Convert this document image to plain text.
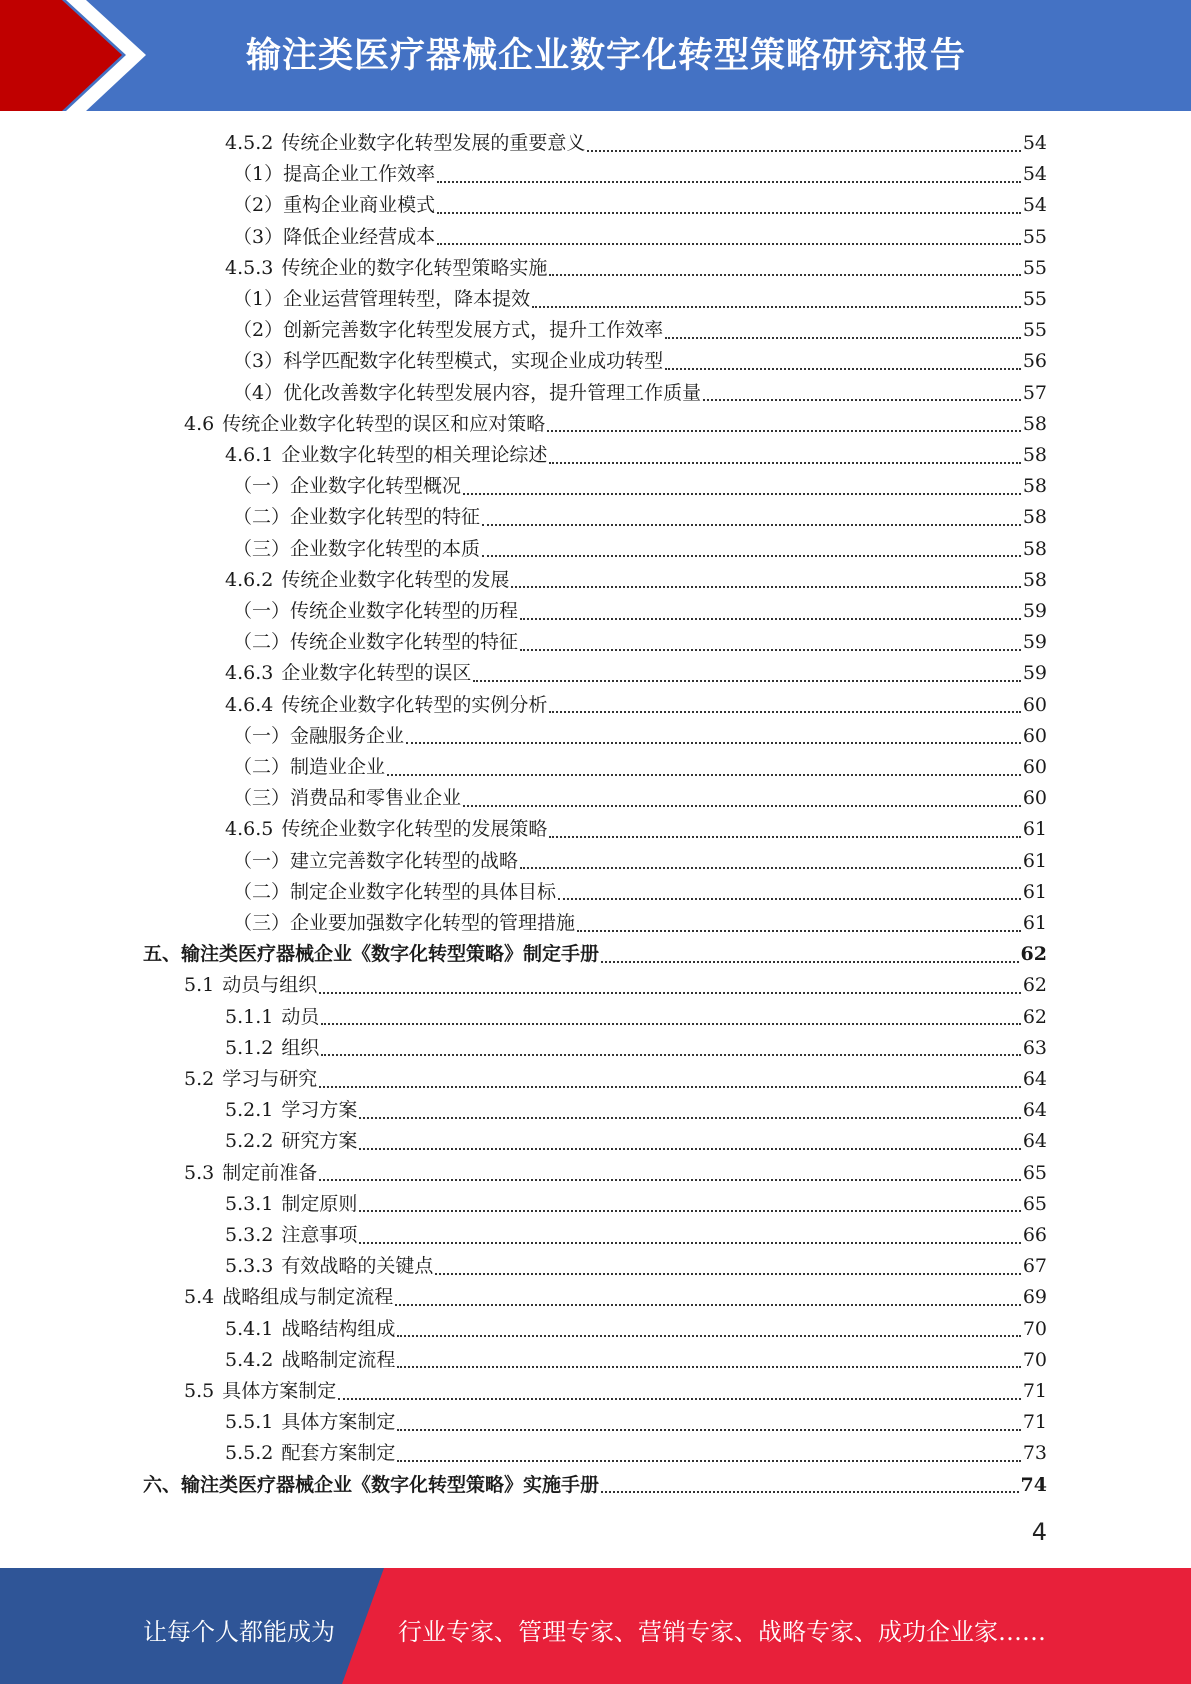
输注类医疗器械企业数字化转型策略研究报告
4.5.2 传统企业数字化转型发展的重要意义	54
（1）提高企业工作效率	54
（2）重构企业商业模式	54
（3）降低企业经营成本	55
4.5.3 传统企业的数字化转型策略实施	55
（1）企业运营管理转型，降本提效	55
（2）创新完善数字化转型发展方式，提升工作效率	55
（3）科学匹配数字化转型模式，实现企业成功转型	56
（4）优化改善数字化转型发展内容，提升管理工作质量	57
4.6 传统企业数字化转型的误区和应对策略	58
4.6.1 企业数字化转型的相关理论综述	58
（一）企业数字化转型概况	58
（二）企业数字化转型的特征	58
（三）企业数字化转型的本质	58
4.6.2 传统企业数字化转型的发展	58
（一）传统企业数字化转型的历程	59
（二）传统企业数字化转型的特征	59
4.6.3 企业数字化转型的误区	59
4.6.4 传统企业数字化转型的实例分析	60
（一）金融服务企业	60
（二）制造业企业	60
（三）消费品和零售业企业	60
4.6.5 传统企业数字化转型的发展策略	61
（一）建立完善数字化转型的战略	61
（二）制定企业数字化转型的具体目标	61
（三）企业要加强数字化转型的管理措施	61
五、输注类医疗器械企业《数字化转型策略》制定手册	62
5.1 动员与组织	62
5.1.1 动员	62
5.1.2 组织	63
5.2 学习与研究	64
5.2.1 学习方案	64
5.2.2 研究方案	64
5.3 制定前准备	65
5.3.1 制定原则	65
5.3.2 注意事项	66
5.3.3 有效战略的关键点	67
5.4 战略组成与制定流程	69
5.4.1 战略结构组成	70
5.4.2 战略制定流程	70
5.5 具体方案制定	71
5.5.1 具体方案制定	71
5.5.2 配套方案制定	73
六、输注类医疗器械企业《数字化转型策略》实施手册	74
4
让每个人都能成为	行业专家、管理专家、营销专家、战略专家、成功企业家……
